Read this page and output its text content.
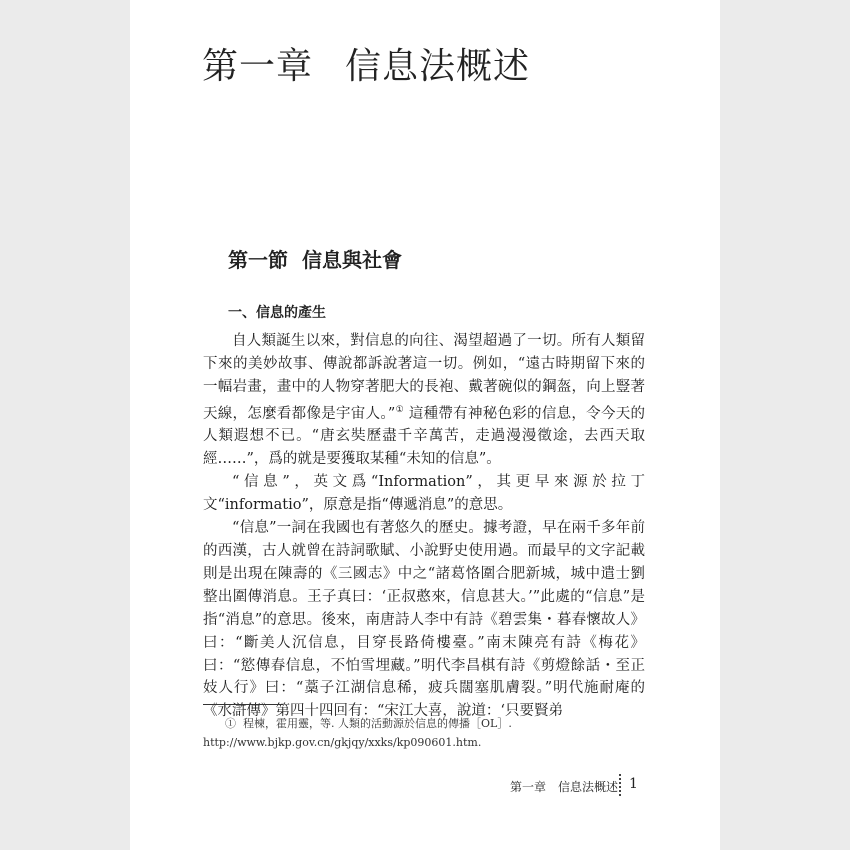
第一章 信息法概述
第一節 信息與社會
一、信息的產生

自人類誕生以來，對信息的向往、渴望超過了一切。所有人類留下來的美妙故事、傳說都訴說著這一切。例如，“遠古時期留下來的一幅岩畫，畫中的人物穿著肥大的長袍、戴著碗似的鋼盔，向上豎著天線，怎麼看都像是宇宙人。”① 這種帶有神秘色彩的信息，令今天的人類遐想不已。“唐玄奘歷盡千辛萬苦，走過漫漫徵途，去西天取經……”，爲的就是要獲取某種“未知的信息”。

“信息”，英文爲“Information”，其更早來源於拉丁文“informatio”，原意是指“傳遞消息”的意思。

“信息”一詞在我國也有著悠久的歷史。據考證，早在兩千多年前的西漢，古人就曾在詩詞歌賦、小說野史使用過。而最早的文字記載則是出現在陳壽的《三國志》中之“諸葛恪圍合肥新城，城中遣士劉整出圍傳消息。王子真曰：‘正叔憨來，信息甚大。’”此處的“信息”是指“消息”的意思。後來，南唐詩人李中有詩《碧雲集・暮春懷故人》曰：“斷美人沉信息，目穿長路倚樓臺。”南末陳亮有詩《梅花》曰：“慾傳春信息，不怕雪埋藏。”明代李昌棋有詩《剪燈餘話・至正妓人行》曰：“藁子江湖信息稀，疲兵闊塞肌膚裂。”明代施耐庵的《水滸傳》第四十四回有：“宋江大喜，說道：‘只要賢弟

① 程楝，霍用靈，等. 人類的活動源於信息的傳播［OL］. http://www.bjkp.gov.cn/gkjqy/xxks/kp090601.htm.
第一章　信息法概述 1
